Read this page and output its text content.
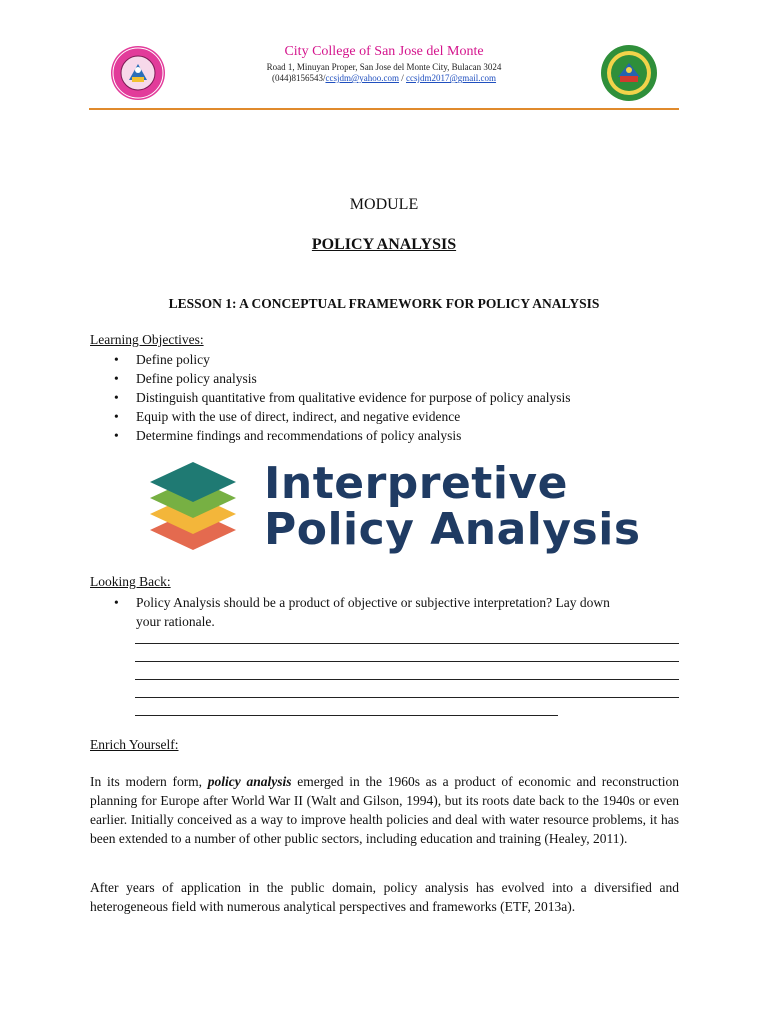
City College of San Jose del Monte
Road 1, Minuyan Proper, San Jose del Monte City, Bulacan 3024
(044)8156543/ccsjdm@yahoo.com / ccsjdm2017@gmail.com
MODULE
POLICY ANALYSIS
LESSON 1: A CONCEPTUAL FRAMEWORK FOR POLICY ANALYSIS
Learning Objectives:
• Define policy
• Define policy analysis
• Distinguish quantitative from qualitative evidence for purpose of policy analysis
• Equip with the use of direct, indirect, and negative evidence
• Determine findings and recommendations of policy analysis
Interpretive
Policy Analysis
Looking Back:
• Policy Analysis should be a product of objective or subjective interpretation? Lay down
your rationale.
Enrich Yourself:
In its modern form, policy analysis emerged in the 1960s as a product of economic and reconstruction planning for Europe after World War II (Walt and Gilson, 1994), but its roots date back to the 1940s or even earlier. Initially conceived as a way to improve health policies and deal with water resource problems, it has been extended to a number of other public sectors, including education and training (Healey, 2011).
After years of application in the public domain, policy analysis has evolved into a diversified and heterogeneous field with numerous analytical perspectives and frameworks (ETF, 2013a).
